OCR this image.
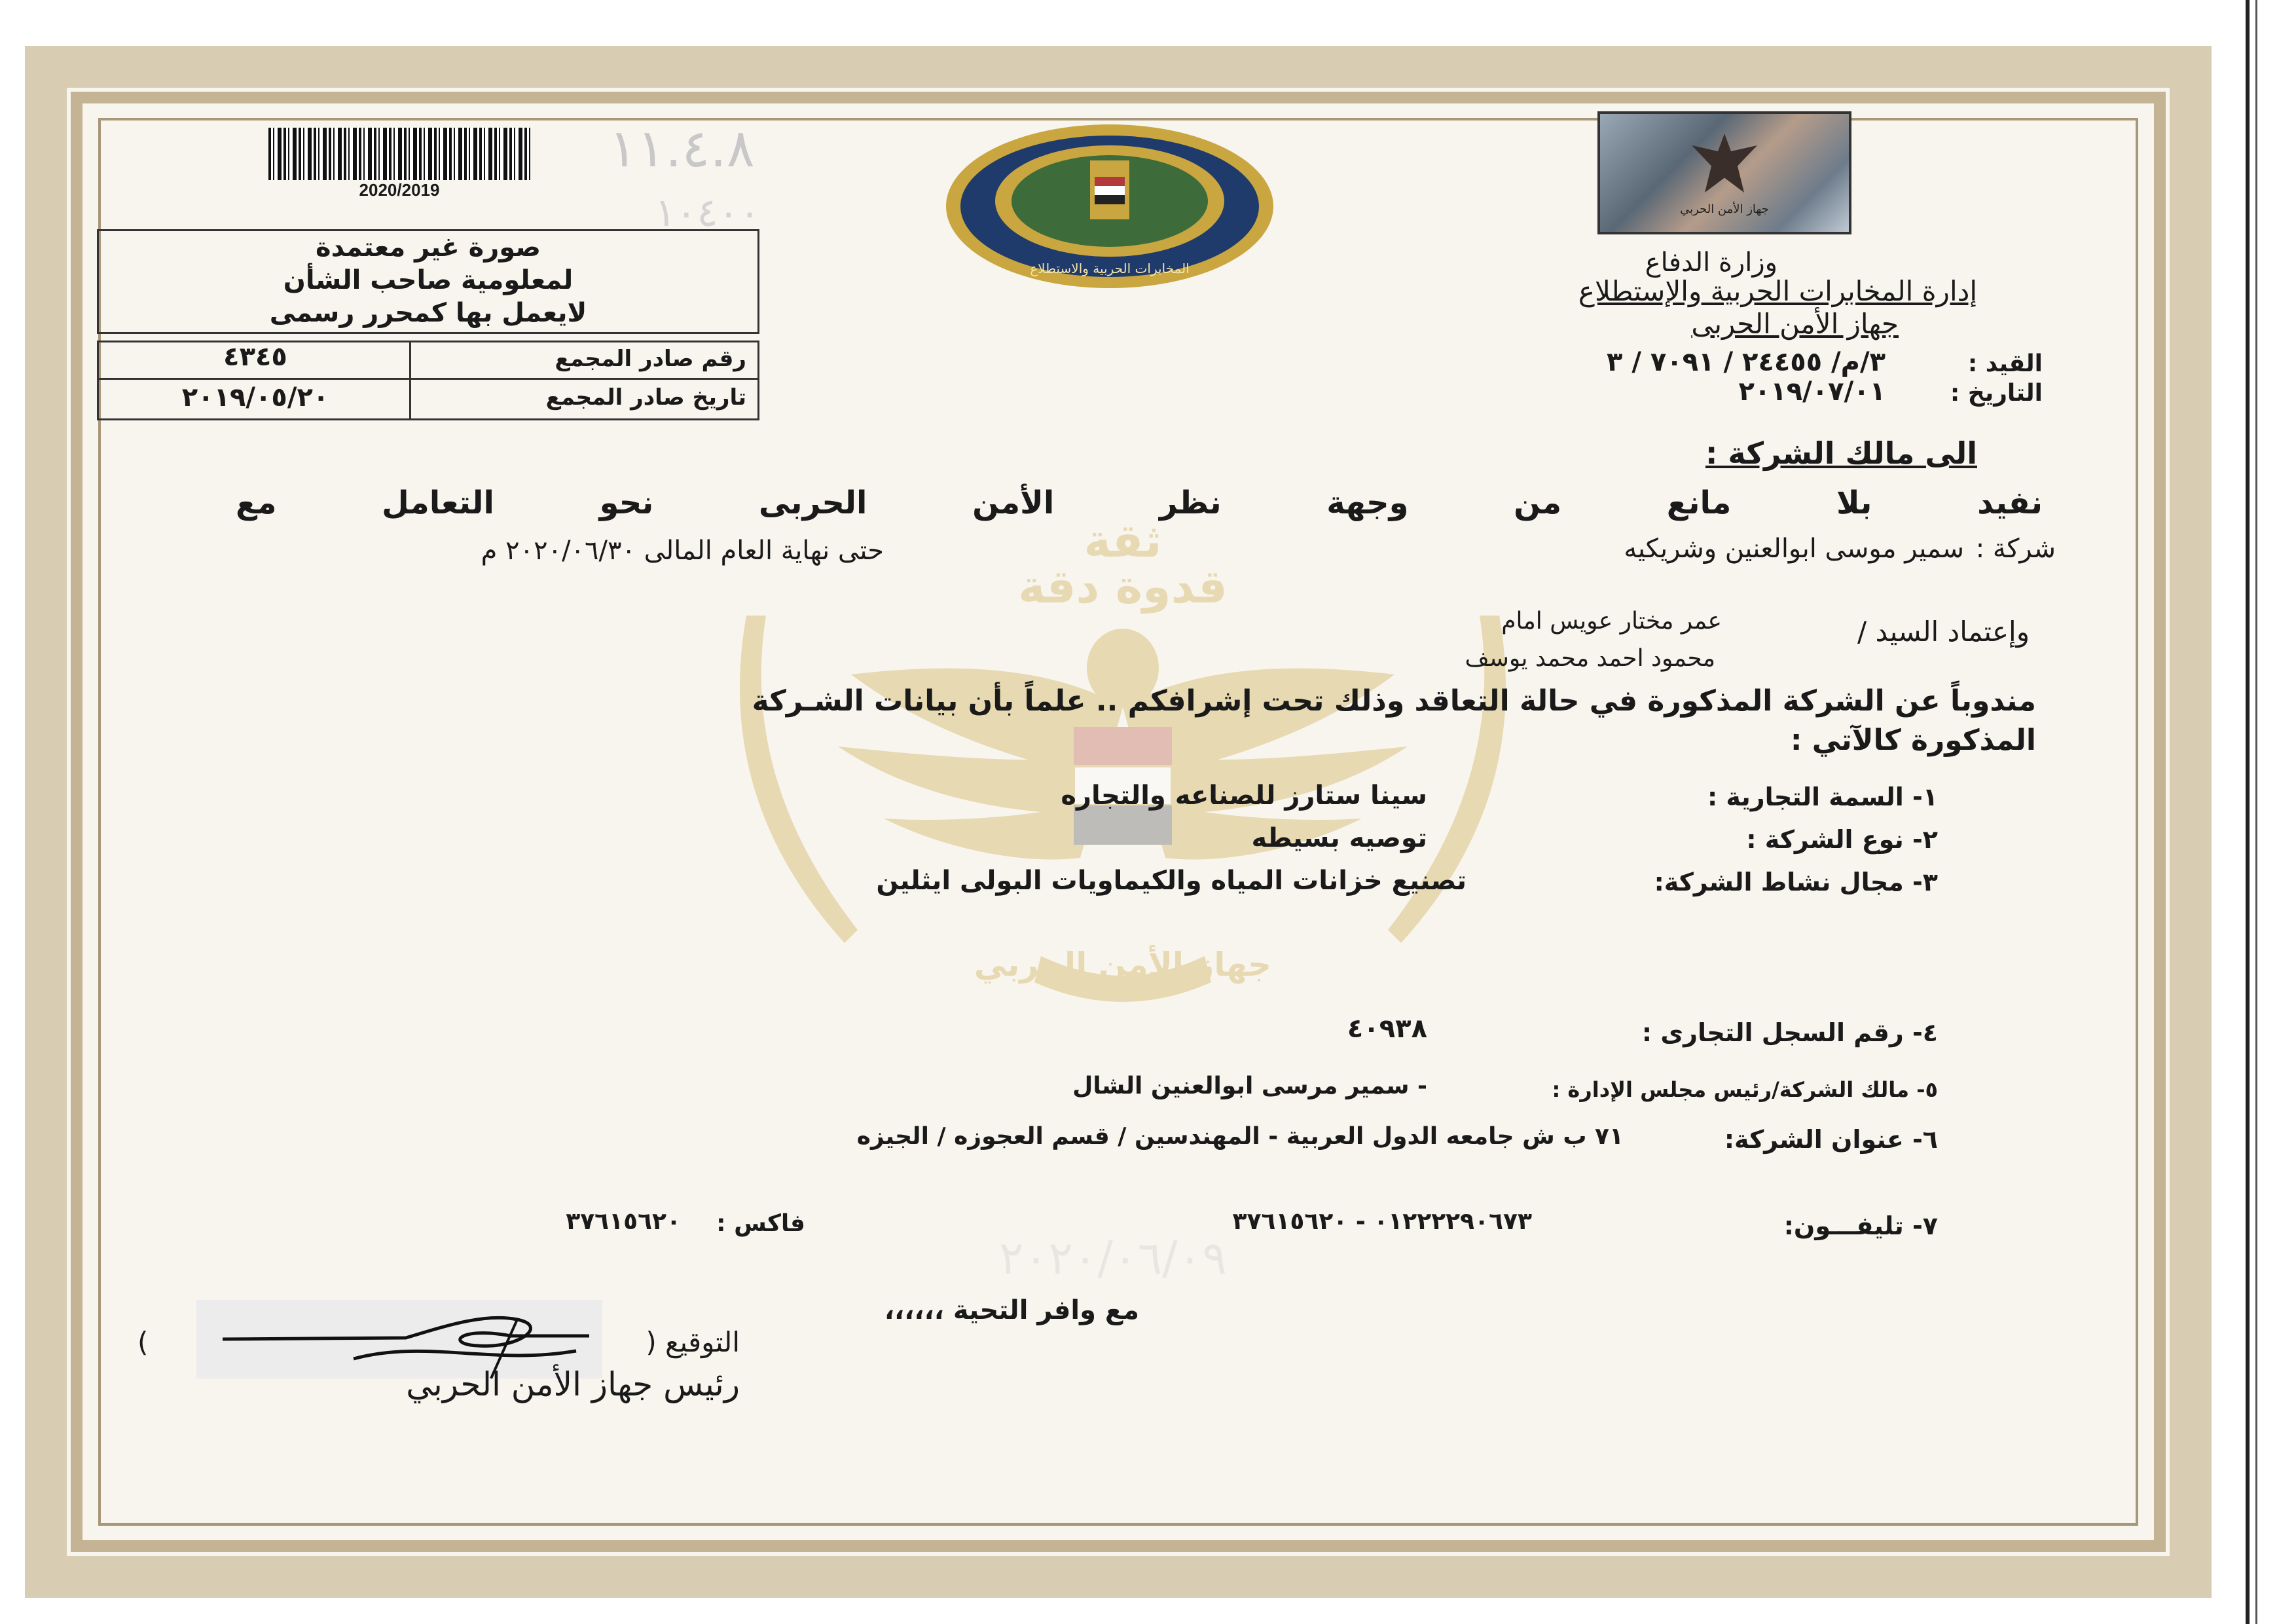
ثقة
قدوة دقة
جهاز الأمن الحربي
2020/2019
١١.٤.٨
١٠٤٠٠
المخابرات الحربية والاستطلاع
جهاز الأمن الحربي
صورة غير معتمدة
لمعلومية صاحب الشأن
لايعمل بها كمحرر رسمى
رقم صادر المجمع
٤٣٤٥
تاريخ صادر المجمع
٢٠١٩/٠٥/٢٠
وزارة الدفاع
إدارة المخابرات الحربية والإستطلاع
جهاز الأمن الحربى
القيد :
٣/م/ ٢٤٤٥٥ / ٧٠٩١ / ٣
التاريخ :
٢٠١٩/٠٧/٠١
الى مالك الشركة :
نفيد بلا مانع من وجهة نظر الأمن الحربى نحو التعامل مع
شركة :
سمير موسى ابوالعنين وشريكيه
حتى نهاية العام المالى ٢٠٢٠/٠٦/٣٠ م
وإعتماد السيد /
عمر مختار عويس امام
محمود احمد محمد يوسف
مندوباً عن الشركة المذكورة في حالة التعاقد وذلك تحت إشرافكم .. علماً بأن بيانات الشـركة
المذكورة كالآتي :
١- السمة التجارية :
سينا ستارز للصناعه والتجاره
٢- نوع الشركة :
توصيه بسيطه
٣- مجال نشاط الشركة:
تصنيع خزانات المياه والكيماويات البولى ايثلين
٤- رقم السجل التجارى :
٤٠٩٣٨
٥- مالك الشركة/رئيس مجلس الإدارة :
- سمير مرسى ابوالعنين الشال
٦- عنوان الشركة:
٧١ ب ش جامعه الدول العربية - المهندسين / قسم العجوزه / الجيزه
٧- تليفـــون:
٠١٢٢٢٢٩٠٦٧٣ - ٣٧٦١٥٦٢٠
فاكس :
٣٧٦١٥٦٢٠
٢٠٢٠/٠٦/٠٩
مع وافر التحية ،،،،،،
التوقيع (
)
رئيس جهاز الأمن الحربي
